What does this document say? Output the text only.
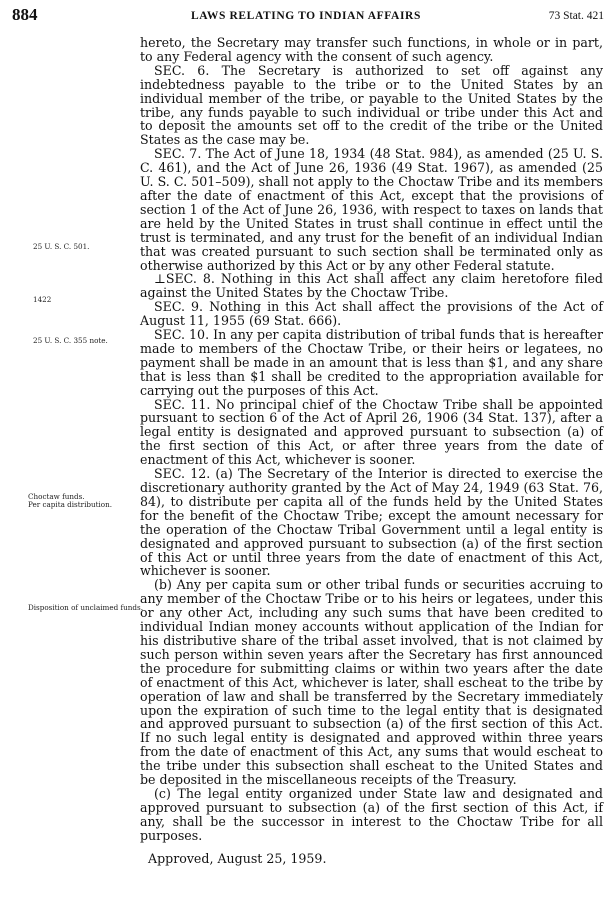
884	LAWS RELATING TO INDIAN AFFAIRS	73 Stat. 421
25 U. S. C. 501.
1422
25 U. S. C. 355 note.
Choctaw funds.
Per capita distribution.
Disposition of unclaimed funds.

hereto, the Secretary may transfer such functions, in whole or in part, to any Federal agency with the consent of such agency.

SEC. 6. The Secretary is authorized to set off against any indebtedness payable to the tribe or to the United States by an individual member of the tribe, or payable to the United States by the tribe, any funds payable to such individual or tribe under this Act and to deposit the amounts set off to the credit of the tribe or the United States as the case may be.

SEC. 7. The Act of June 18, 1934 (48 Stat. 984), as amended (25 U. S. C. 461), and the Act of June 26, 1936 (49 Stat. 1967), as amended (25 U. S. C. 501–509), shall not apply to the Choctaw Tribe and its members after the date of enactment of this Act, except that the provisions of section 1 of the Act of June 26, 1936, with respect to taxes on lands that are held by the United States in trust shall continue in effect until the trust is terminated, and any trust for the benefit of an individual Indian that was created pursuant to such section shall be terminated only as otherwise authorized by this Act or by any other Federal statute.

⊥SEC. 8. Nothing in this Act shall affect any claim heretofore filed against the United States by the Choctaw Tribe.

SEC. 9. Nothing in this Act shall affect the provisions of the Act of August 11, 1955 (69 Stat. 666).

SEC. 10. In any per capita distribution of tribal funds that is hereafter made to members of the Choctaw Tribe, or their heirs or legatees, no payment shall be made in an amount that is less than $1, and any share that is less than $1 shall be credited to the appropriation available for carrying out the purposes of this Act.

SEC. 11. No principal chief of the Choctaw Tribe shall be appointed pursuant to section 6 of the Act of April 26, 1906 (34 Stat. 137), after a legal entity is designated and approved pursuant to subsection (a) of the first section of this Act, or after three years from the date of enactment of this Act, whichever is sooner.

SEC. 12. (a) The Secretary of the Interior is directed to exercise the discretionary authority granted by the Act of May 24, 1949 (63 Stat. 76, 84), to distribute per capita all of the funds held by the United States for the benefit of the Choctaw Tribe; except the amount necessary for the operation of the Choctaw Tribal Government until a legal entity is designated and approved pursuant to subsection (a) of the first section of this Act or until three years from the date of enactment of this Act, whichever is sooner.

(b) Any per capita sum or other tribal funds or securities accruing to any member of the Choctaw Tribe or to his heirs or legatees, under this or any other Act, including any such sums that have been credited to individual Indian money accounts without application of the Indian for his distributive share of the tribal asset involved, that is not claimed by such person within seven years after the Secretary has first announced the procedure for submitting claims or within two years after the date of enactment of this Act, whichever is later, shall escheat to the tribe by operation of law and shall be transferred by the Secretary immediately upon the expiration of such time to the legal entity that is designated and approved pursuant to subsection (a) of the first section of this Act. If no such legal entity is designated and approved within three years from the date of enactment of this Act, any sums that would escheat to the tribe under this subsection shall escheat to the United States and be deposited in the miscellaneous receipts of the Treasury.

(c) The legal entity organized under State law and designated and approved pursuant to subsection (a) of the first section of this Act, if any, shall be the successor in interest to the Choctaw Tribe for all purposes.

Approved, August 25, 1959.
